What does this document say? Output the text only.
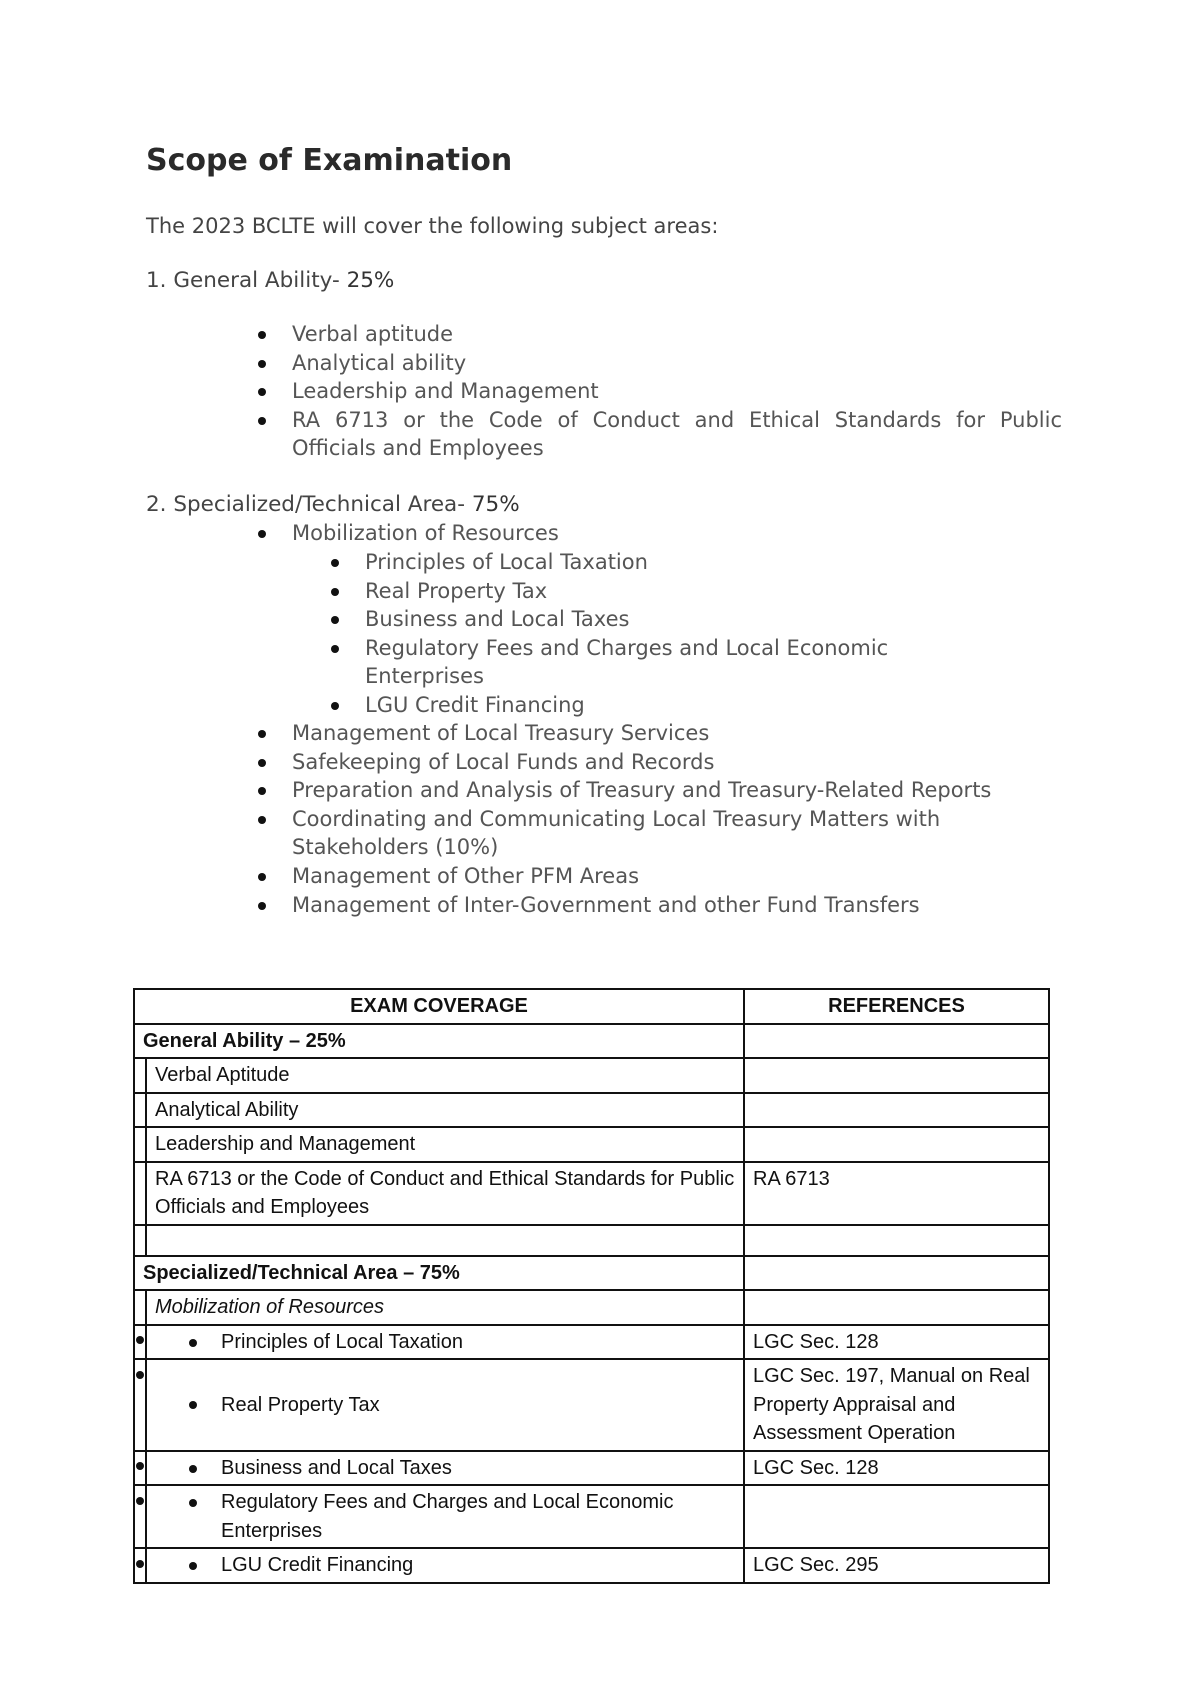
Scope of Examination

The 2023 BCLTE will cover the following subject areas:

1. General Ability- 25%

Verbal aptitude
Analytical ability
Leadership and Management
RA 6713 or the Code of Conduct and Ethical Standards for Public Officials and Employees

2. Specialized/Technical Area- 75%

Mobilization of Resources
Principles of Local Taxation
Real Property Tax
Business and Local Taxes
Regulatory Fees and Charges and Local Economic Enterprises
LGU Credit Financing
Management of Local Treasury Services
Safekeeping of Local Funds and Records
Preparation and Analysis of Treasury and Treasury-Related Reports
Coordinating and Communicating Local Treasury Matters with Stakeholders (10%)
Management of Other PFM Areas
Management of Inter-Government and other Fund Transfers
EXAM COVERAGE		REFERENCES
General Ability – 25%		
	Verbal Aptitude	
	Analytical Ability	
	Leadership and Management	
	RA 6713 or the Code of Conduct and Ethical Standards for Public Officials and Employees	RA 6713

Specialized/Technical Area – 75%		
	Mobilization of Resources	

Principles of Local Taxation	LGC Sec. 128

Real Property Tax	LGC Sec. 197, Manual on Real Property Appraisal and Assessment Operation

Business and Local Taxes	LGC Sec. 128

Regulatory Fees and Charges and Local Economic Enterprises	

LGU Credit Financing	LGC Sec. 295
